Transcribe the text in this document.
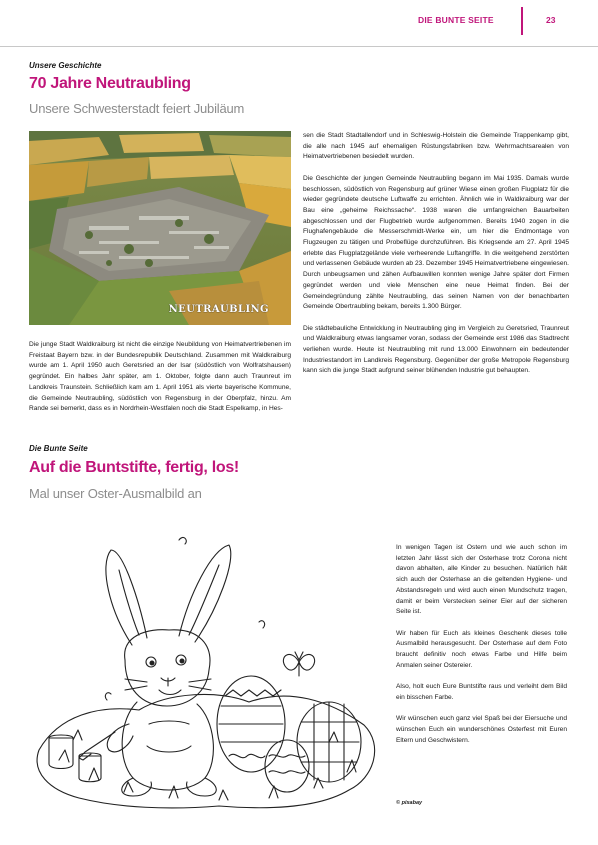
DIE BUNTE SEITE	23
Unsere Geschichte
70 Jahre Neutraubling
Unsere Schwesterstadt feiert Jubiläum
NEUTRAUBLING

Die junge Stadt Waldkraiburg ist nicht die einzige Neubildung von Heimatvertriebenen im Freistaat Bayern bzw. in der Bundesrepublik Deutschland. Zusammen mit Waldkraiburg wurde am 1. April 1950 auch Geretsried an der Isar (südöstlich von Wolfratshausen) gegründet. Ein halbes Jahr später, am 1. Oktober, folgte dann auch Traunreut im Landkreis Traunstein. Schließlich kam am 1. April 1951 als vierte bayerische Kommune, die Gemeinde Neutraubling, südöstlich von Regensburg in der Oberpfalz, hinzu. Am Rande sei bemerkt, dass es in Nordrhein-Westfalen noch die Stadt Espelkamp, in Hes-

sen die Stadt Stadtallendorf und in Schleswig-Holstein die Gemeinde Trappenkamp gibt, die alle nach 1945 auf ehemaligen Rüstungsfabriken bzw. Wehrmachtsarealen von Heimatvertriebenen besiedelt wurden.

Die Geschichte der jungen Gemeinde Neutraubling begann im Mai 1935. Damals wurde beschlossen, südöstlich von Regensburg auf grüner Wiese einen großen Flugplatz für die wieder gegründete deutsche Luftwaffe zu errichten. Ähnlich wie in Waldkraiburg war der Bau eine „geheime Reichssache“. 1938 waren die umfangreichen Bauarbeiten abgeschlossen und der Flugbetrieb wurde aufgenommen. Bereits 1940 zogen in die Flughafengebäude die Messerschmidt-Werke ein, um hier die Endmontage von Flugzeugen zu tätigen und Probeflüge durchzuführen. Bis Kriegsende am 27. April 1945 erlebte das Flugplatzgelände viele verheerende Luftangriffe. In die weitgehend zerstörten und verlassenen Gebäude wurden ab 23. Dezember 1945 Heimatvertriebene eingewiesen. Durch unbeugsamen und zähen Aufbauwillen konnten wenige Jahre später dort Firmen gegründet werden und viele Menschen eine neue Heimat finden. Bei der Gemeindegründung zählte Neutraubling, das seinen Namen von der benachbarten Gemeinde Obertraubling bekam, bereits 1.300 Bürger.

Die städtebauliche Entwicklung in Neutraubling ging im Vergleich zu Geretsried, Traunreut und Waldkraiburg etwas langsamer voran, sodass der Gemeinde erst 1986 das Stadtrecht verliehen wurde. Heute ist Neutraubling mit rund 13.000 Einwohnern ein bedeutender Industriestandort im Landkreis Regensburg. Gegenüber der große Metropole Regensburg kann sich die junge Stadt aufgrund seiner blühenden Industrie gut behaupten.

Die Bunte Seite
Auf die Buntstifte, fertig, los!
Mal unser Oster-Ausmalbild an

In wenigen Tagen ist Ostern und wie auch schon im letzten Jahr lässt sich der Osterhase trotz Corona nicht davon abhalten, alle Kinder zu besuchen. Natürlich hält sich auch der Osterhase an die geltenden Hygiene- und Abstandsregeln und wird auch einen Mundschutz tragen, damit er beim Verstecken seiner Eier auf der sicheren Seite ist.

Wir haben für Euch als kleines Geschenk dieses tolle Ausmalbild herausgesucht. Der Osterhase auf dem Foto braucht definitiv noch etwas Farbe und Hilfe beim Anmalen seiner Ostereier.

Also, holt euch Eure Buntstifte raus und verleiht dem Bild ein bisschen Farbe.

Wir wünschen euch ganz viel Spaß bei der Eiersuche und wünschen Euch ein wunderschönes Osterfest mit Euren Eltern und Geschwistern.

© pixabay
